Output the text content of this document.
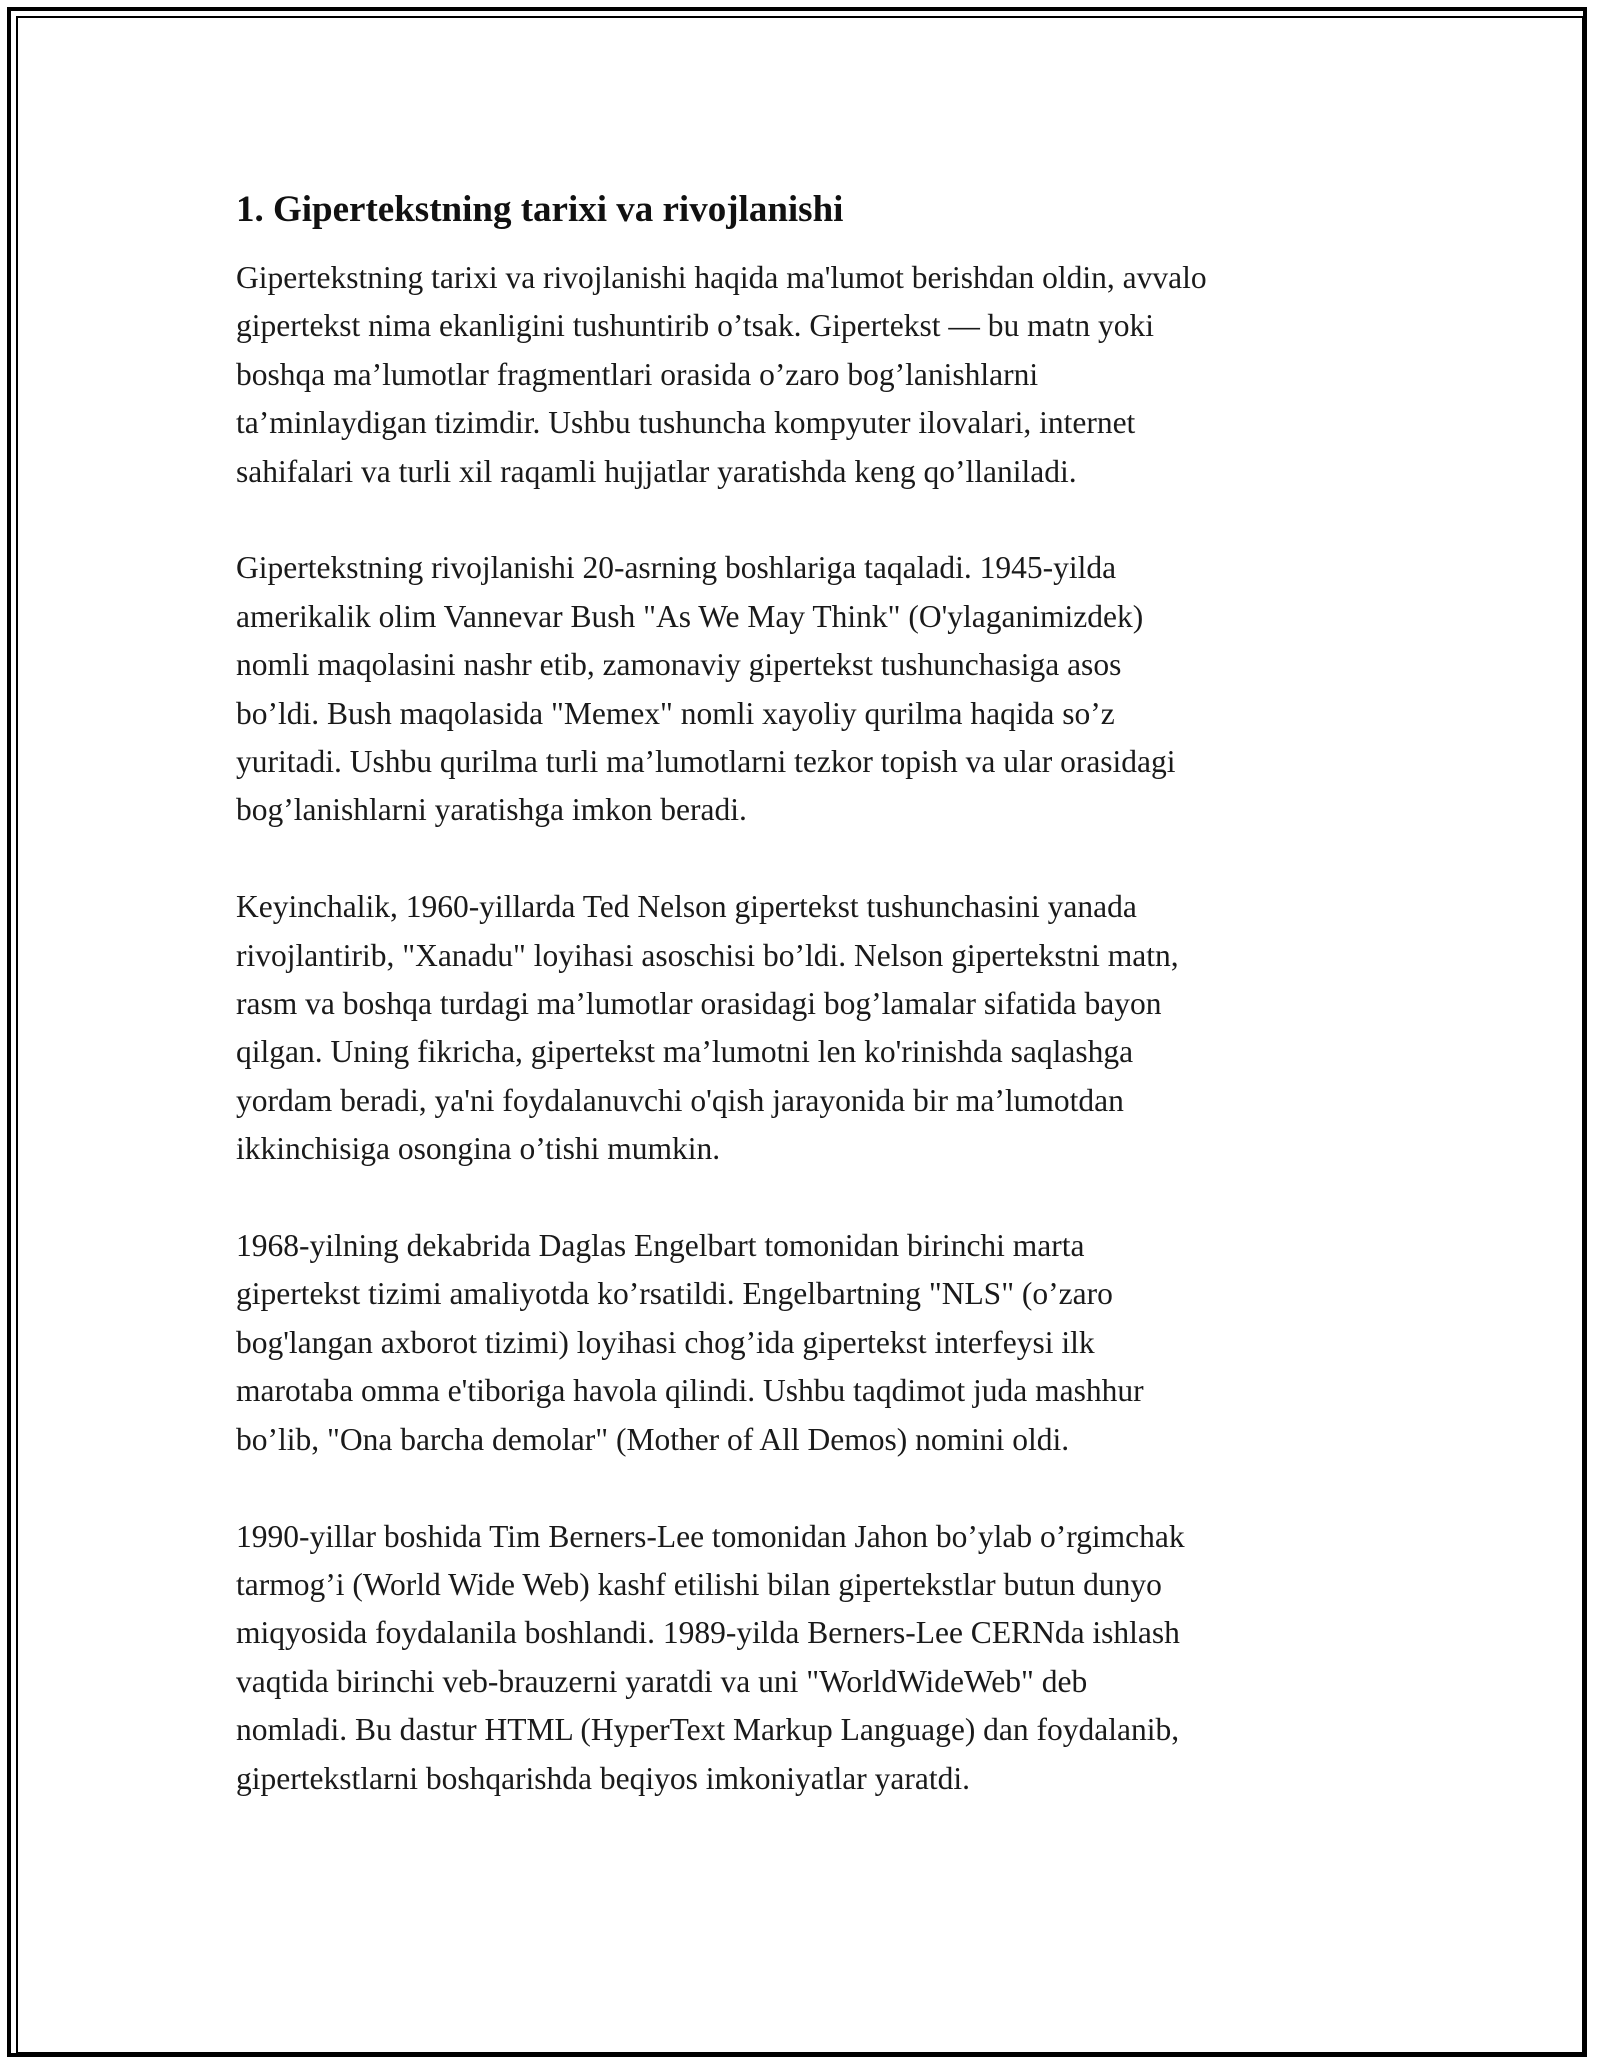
1. Gipertekstning tarixi va rivojlanishi
Gipertekstning tarixi va rivojlanishi haqida ma'lumot berishdan oldin, avvalo
gipertekst nima ekanligini tushuntirib o’tsak. Gipertekst — bu matn yoki
boshqa ma’lumotlar fragmentlari orasida o’zaro bog’lanishlarni
ta’minlaydigan tizimdir. Ushbu tushuncha kompyuter ilovalari, internet
sahifalari va turli xil raqamli hujjatlar yaratishda keng qo’llaniladi.
Gipertekstning rivojlanishi 20-asrning boshlariga taqaladi. 1945-yilda
amerikalik olim Vannevar Bush "As We May Think" (O'ylaganimizdek)
nomli maqolasini nashr etib, zamonaviy gipertekst tushunchasiga asos
bo’ldi. Bush maqolasida "Memex" nomli xayoliy qurilma haqida so’z
yuritadi. Ushbu qurilma turli ma’lumotlarni tezkor topish va ular orasidagi
bog’lanishlarni yaratishga imkon beradi.
Keyinchalik, 1960-yillarda Ted Nelson gipertekst tushunchasini yanada
rivojlantirib, "Xanadu" loyihasi asoschisi bo’ldi. Nelson gipertekstni matn,
rasm va boshqa turdagi ma’lumotlar orasidagi bog’lamalar sifatida bayon
qilgan. Uning fikricha, gipertekst ma’lumotni len ko'rinishda saqlashga
yordam beradi, ya'ni foydalanuvchi o'qish jarayonida bir ma’lumotdan
ikkinchisiga osongina o’tishi mumkin.
1968-yilning dekabrida Daglas Engelbart tomonidan birinchi marta
gipertekst tizimi amaliyotda ko’rsatildi. Engelbartning "NLS" (o’zaro
bog'langan axborot tizimi) loyihasi chog’ida gipertekst interfeysi ilk
marotaba omma e'tiboriga havola qilindi. Ushbu taqdimot juda mashhur
bo’lib, "Ona barcha demolar" (Mother of All Demos) nomini oldi.
1990-yillar boshida Tim Berners-Lee tomonidan Jahon bo’ylab o’rgimchak
tarmog’i (World Wide Web) kashf etilishi bilan gipertekstlar butun dunyo
miqyosida foydalanila boshlandi. 1989-yilda Berners-Lee CERNda ishlash
vaqtida birinchi veb-brauzerni yaratdi va uni "WorldWideWeb" deb
nomladi. Bu dastur HTML (HyperText Markup Language) dan foydalanib,
gipertekstlarni boshqarishda beqiyos imkoniyatlar yaratdi.
